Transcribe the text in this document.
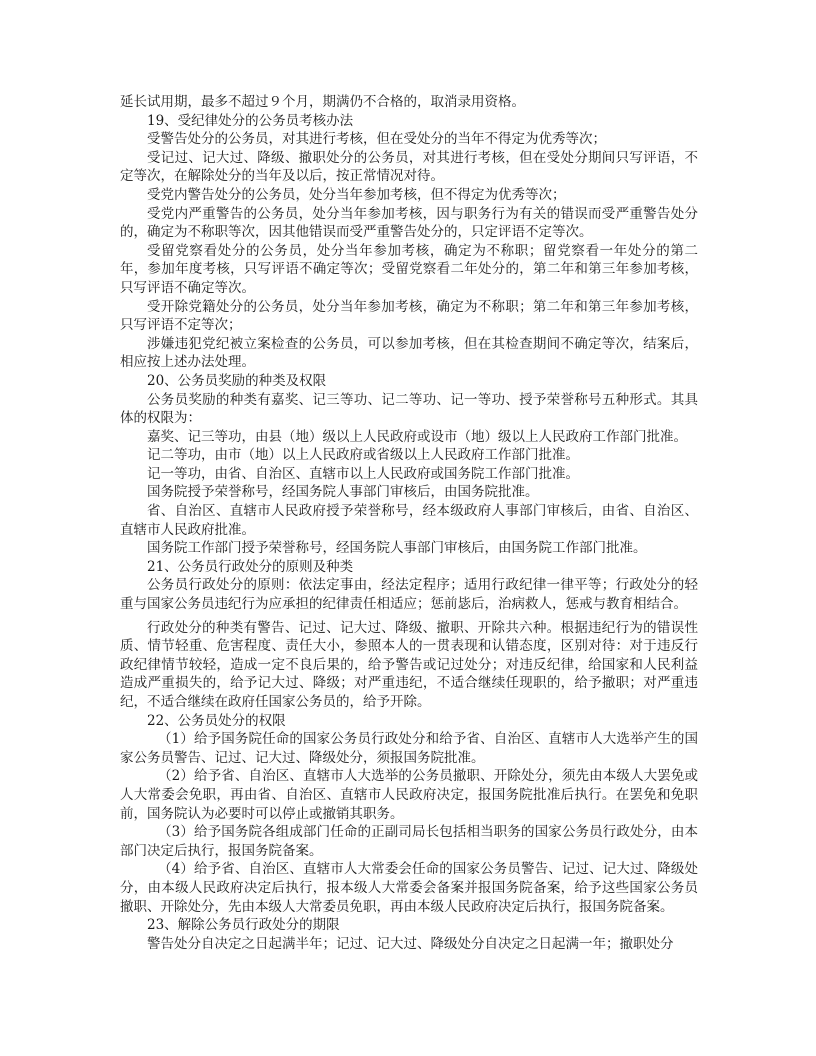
延长试用期，最多不超过９个月，期满仍不合格的，取消录用资格。

19、受纪律处分的公务员考核办法

受警告处分的公务员，对其进行考核，但在受处分的当年不得定为优秀等次；

受记过、记大过、降级、撤职处分的公务员，对其进行考核，但在受处分期间只写评语，不定等次，在解除处分的当年及以后，按正常情况对待。

受党内警告处分的公务员，处分当年参加考核，但不得定为优秀等次；

受党内严重警告的公务员，处分当年参加考核，因与职务行为有关的错误而受严重警告处分的，确定为不称职等次，因其他错误而受严重警告处分的，只定评语不定等次。

受留党察看处分的公务员，处分当年参加考核，确定为不称职；留党察看一年处分的第二年，参加年度考核，只写评语不确定等次；受留党察看二年处分的，第二年和第三年参加考核，只写评语不确定等次。

受开除党籍处分的公务员，处分当年参加考核，确定为不称职；第二年和第三年参加考核，只写评语不定等次；

涉嫌违犯党纪被立案检查的公务员，可以参加考核，但在其检查期间不确定等次，结案后，相应按上述办法处理。

20、公务员奖励的种类及权限

公务员奖励的种类有嘉奖、记三等功、记二等功、记一等功、授予荣誉称号五种形式。其具体的权限为：

嘉奖、记三等功，由县（地）级以上人民政府或设市（地）级以上人民政府工作部门批准。

记二等功，由市（地）以上人民政府或省级以上人民政府工作部门批准。

记一等功，由省、自治区、直辖市以上人民政府或国务院工作部门批准。

国务院授予荣誉称号，经国务院人事部门审核后，由国务院批准。

省、自治区、直辖市人民政府授予荣誉称号，经本级政府人事部门审核后，由省、自治区、直辖市人民政府批准。

国务院工作部门授予荣誉称号，经国务院人事部门审核后，由国务院工作部门批准。

21、公务员行政处分的原则及种类

公务员行政处分的原则：依法定事由，经法定程序；适用行政纪律一律平等；行政处分的轻重与国家公务员违纪行为应承担的纪律责任相适应；惩前毖后，治病救人，惩戒与教育相结合。

行政处分的种类有警告、记过、记大过、降级、撤职、开除共六种。根据违纪行为的错误性质、情节轻重、危害程度、责任大小，参照本人的一贯表现和认错态度，区别对待：对于违反行政纪律情节较轻，造成一定不良后果的，给予警告或记过处分；对违反纪律，给国家和人民利益造成严重损失的，给予记大过、降级；对严重违纪，不适合继续任现职的，给予撤职；对严重违纪，不适合继续在政府任国家公务员的，给予开除。

22、公务员处分的权限

（1）给予国务院任命的国家公务员行政处分和给予省、自治区、直辖市人大选举产生的国家公务员警告、记过、记大过、降级处分，须报国务院批准。

（2）给予省、自治区、直辖市人大选举的公务员撤职、开除处分，须先由本级人大罢免或人大常委会免职，再由省、自治区、直辖市人民政府决定，报国务院批准后执行。在罢免和免职前，国务院认为必要时可以停止或撤销其职务。

（3）给予国务院各组成部门任命的正副司局长包括相当职务的国家公务员行政处分，由本部门决定后执行，报国务院备案。

（4）给予省、自治区、直辖市人大常委会任命的国家公务员警告、记过、记大过、降级处分，由本级人民政府决定后执行，报本级人大常委会备案并报国务院备案，给予这些国家公务员撤职、开除处分，先由本级人大常委员免职，再由本级人民政府决定后执行，报国务院备案。

23、解除公务员行政处分的期限

警告处分自决定之日起满半年；记过、记大过、降级处分自决定之日起满一年；撤职处分
